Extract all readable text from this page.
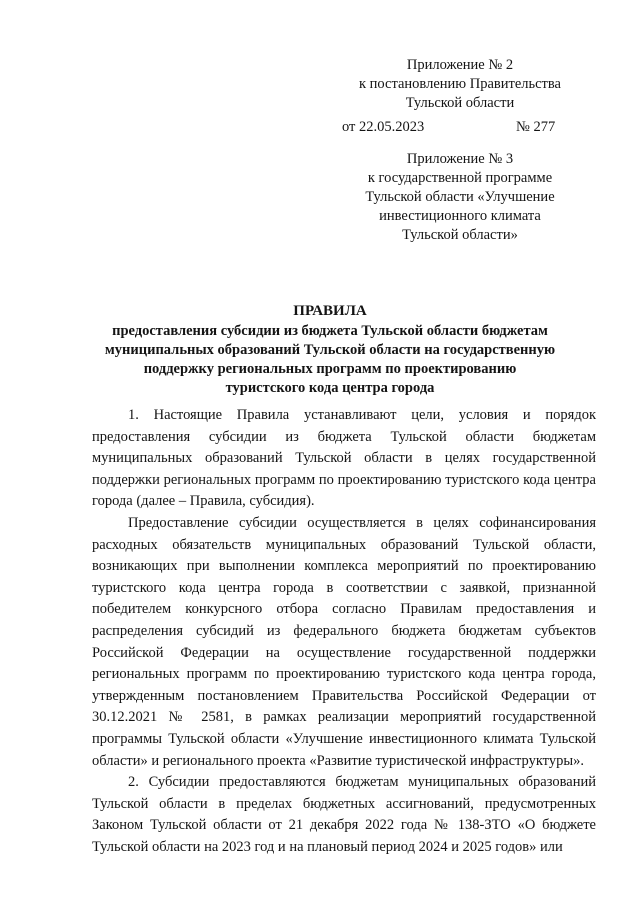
Приложение № 2
к постановлению Правительства
Тульской области
от 22.05.2023	№ 277
Приложение № 3
к государственной программе
Тульской области «Улучшение
инвестиционного климата
Тульской области»
ПРАВИЛА
предоставления субсидии из бюджета Тульской области бюджетам
муниципальных образований Тульской области на государственную
поддержку региональных программ по проектированию
туристского кода центра города

1. Настоящие Правила устанавливают цели, условия и порядок предоставления субсидии из бюджета Тульской области бюджетам муниципальных образований Тульской области в целях государственной поддержки региональных программ по проектированию туристского кода центра города (далее – Правила, субсидия).

Предоставление субсидии осуществляется в целях софинансирования расходных обязательств муниципальных образований Тульской области, возникающих при выполнении комплекса мероприятий по проектированию туристского кода центра города в соответствии с заявкой, признанной победителем конкурсного отбора согласно Правилам предоставления и распределения субсидий из федерального бюджета бюджетам субъектов Российской Федерации на осуществление государственной поддержки региональных программ по проектированию туристского кода центра города, утвержденным постановлением Правительства Российской Федерации от 30.12.2021 № 2581, в рамках реализации мероприятий государственной программы Тульской области «Улучшение инвестиционного климата Тульской области» и регионального проекта «Развитие туристической инфраструктуры».

2. Субсидии предоставляются бюджетам муниципальных образований Тульской области в пределах бюджетных ассигнований, предусмотренных Законом Тульской области от 21 декабря 2022 года № 138-ЗТО «О бюджете Тульской области на 2023 год и на плановый период 2024 и 2025 годов» или
